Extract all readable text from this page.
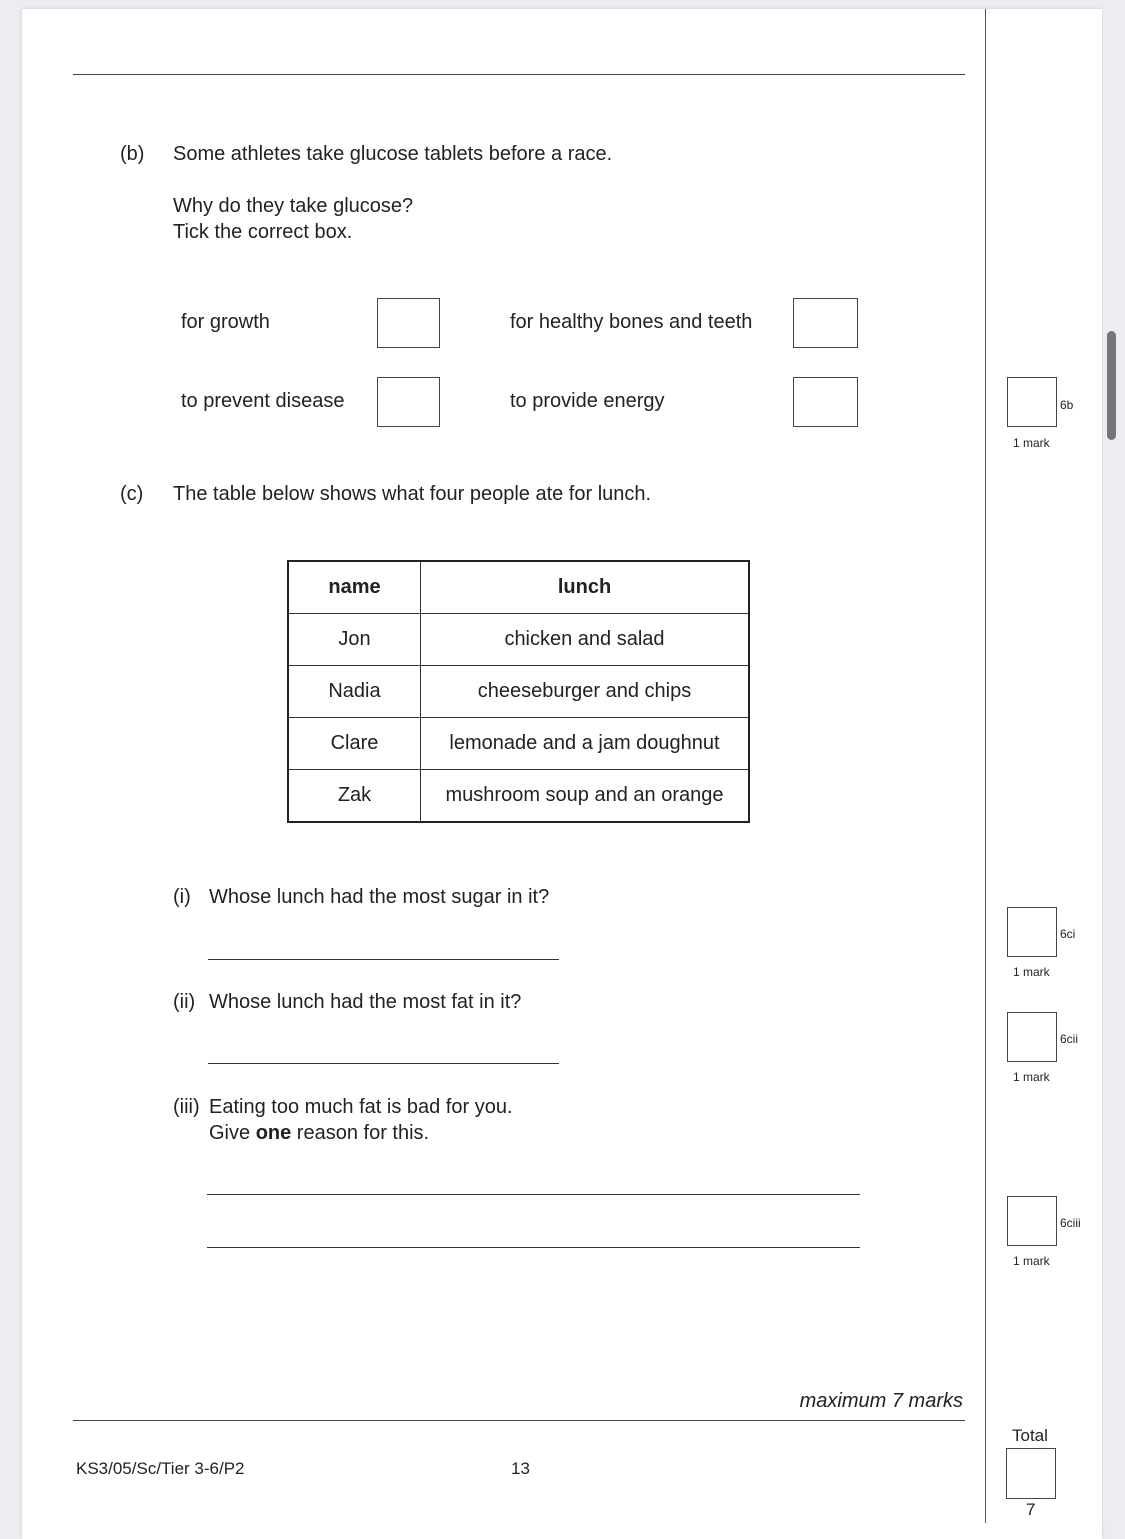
(b) Some athletes take glucose tablets before a race.
Why do they take glucose?
Tick the correct box.
for growth	for healthy bones and teeth
to prevent disease	to provide energy	6b
1 mark
(c) The table below shows what four people ate for lunch.
name	lunch
Jon	chicken and salad
Nadia	cheeseburger and chips
Clare	lemonade and a jam doughnut
Zak	mushroom soup and an orange
(i) Whose lunch had the most sugar in it?
6ci
1 mark
(ii) Whose lunch had the most fat in it?
6cii
1 mark
(iii) Eating too much fat is bad for you.
Give one reason for this.
6ciii
1 mark
maximum 7 marks
KS3/05/Sc/Tier 3-6/P2	13
Total
7
